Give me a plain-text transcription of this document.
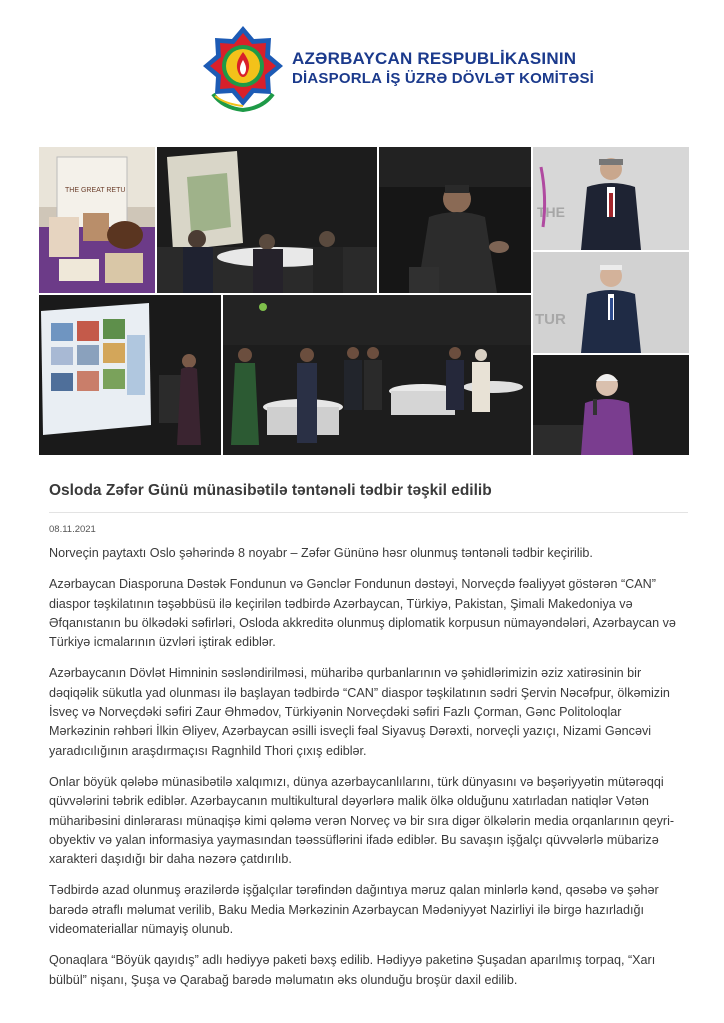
AZƏRBAYCAN RESPUBLİKASININ
DİASPORLA İŞ ÜZRƏ DÖVLƏT KOMİTƏSİ
THE GREAT RETU
THE
TUR
Osloda Zəfər Günü münasibətilə təntənəli tədbir təşkil edilib
08.11.2021

Norveçin paytaxtı Oslo şəhərində 8 noyabr – Zəfər Gününə həsr olunmuş təntənəli tədbir keçirilib.

Azərbaycan Diasporuna Dəstək Fondunun və Gənclər Fondunun dəstəyi, Norveçdə fəaliyyət göstərən “CAN” diaspor təşkilatının təşəbbüsü ilə keçirilən tədbirdə Azərbaycan, Türkiyə, Pakistan, Şimali Makedoniya və Əfqanıstanın bu ölkədəki səfirləri, Osloda akkreditə olunmuş diplomatik korpusun nümayəndələri, Azərbaycan və Türkiyə icmalarının üzvləri iştirak ediblər.

Azərbaycanın Dövlət Himninin səsləndirilməsi, müharibə qurbanlarının və şəhidlərimizin əziz xatirəsinin bir dəqiqəlik sükutla yad olunması ilə başlayan tədbirdə “CAN” diaspor təşkilatının sədri Şervin Nəcəfpur, ölkəmizin İsveç və Norveçdəki səfiri Zaur Əhmədov, Türkiyənin Norveçdəki səfiri Fazlı Çorman, Gənc Politoloqlar Mərkəzinin rəhbəri İlkin Əliyev, Azərbaycan əsilli isveçli fəal Siyavuş Dərəxti, norveçli yazıçı, Nizami Gəncəvi yaradıcılığının araşdırmaçısı Ragnhild Thori çıxış ediblər.

Onlar böyük qələbə münasibətilə xalqımızı, dünya azərbaycanlılarını, türk dünyasını və bəşəriyyətin mütərəqqi qüvvələrini təbrik ediblər. Azərbaycanın multikultural dəyərlərə malik ölkə olduğunu xatırladan natiqlər Vətən müharibəsini dinlərarası münaqişə kimi qələmə verən Norveç və bir sıra digər ölkələrin media orqanlarının qeyri-obyektiv və yalan informasiya yaymasından təəssüflərini ifadə ediblər. Bu savaşın işğalçı qüvvələrlə mübarizə xarakteri daşıdığı bir daha nəzərə çatdırılıb.

Tədbirdə azad olunmuş ərazilərdə işğalçılar tərəfindən dağıntıya məruz qalan minlərlə kənd, qəsəbə və şəhər barədə ətraflı məlumat verilib, Baku Media Mərkəzinin Azərbaycan Mədəniyyət Nazirliyi ilə birgə hazırladığı videomateriallar nümayiş olunub.

Qonaqlara “Böyük qayıdış” adlı hədiyyə paketi bəxş edilib. Hədiyyə paketinə Şuşadan aparılmış torpaq, “Xarı bülbül” nişanı, Şuşa və Qarabağ barədə məlumatın əks olunduğu broşür daxil edilib.
